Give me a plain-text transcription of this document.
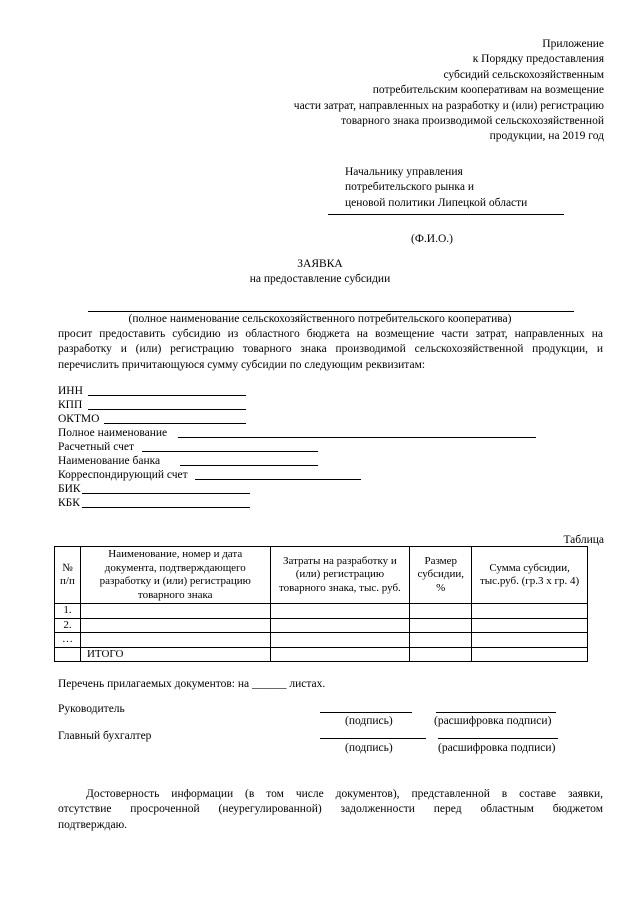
Приложение
к Порядку предоставления
субсидий сельскохозяйственным
потребительским кооперативам на возмещение
части затрат, направленных на разработку и (или) регистрацию
товарного знака производимой сельскохозяйственной
продукции, на 2019 год
Начальнику управления
потребительского рынка и
ценовой политики Липецкой области
(Ф.И.О.)
ЗАЯВКА
на предоставление субсидии
(полное наименование сельскохозяйственного потребительского кооператива)
просит предоставить субсидию из областного бюджета на возмещение части затрат, направленных на
разработку и (или) регистрацию товарного знака производимой сельскохозяйственной продукции, и
перечислить причитающуюся сумму субсидии по следующим реквизитам:
ИНН
КПП
ОКТМО
Полное наименование
Расчетный счет
Наименование банка
Корреспондирующий счет
БИК
КБК
Таблица
№ п/п	Наименование, номер и дата документа, подтверждающего разработку и (или) регистрацию товарного знака	Затраты на разработку и (или) регистрацию товарного знака, тыс. руб.	Размер субсидии, %	Сумма субсидии, тыс.руб. (гр.3 х гр. 4)
1.				
2.				
…				
	ИТОГО			
Перечень прилагаемых документов: на ______ листах.
Руководитель
(подпись)	(расшифровка подписи)
Главный бухгалтер
(подпись)	(расшифровка подписи)
Достоверность информации (в том числе документов), представленной в составе заявки,
отсутствие просроченной (неурегулированной) задолженности перед областным бюджетом
подтверждаю.
